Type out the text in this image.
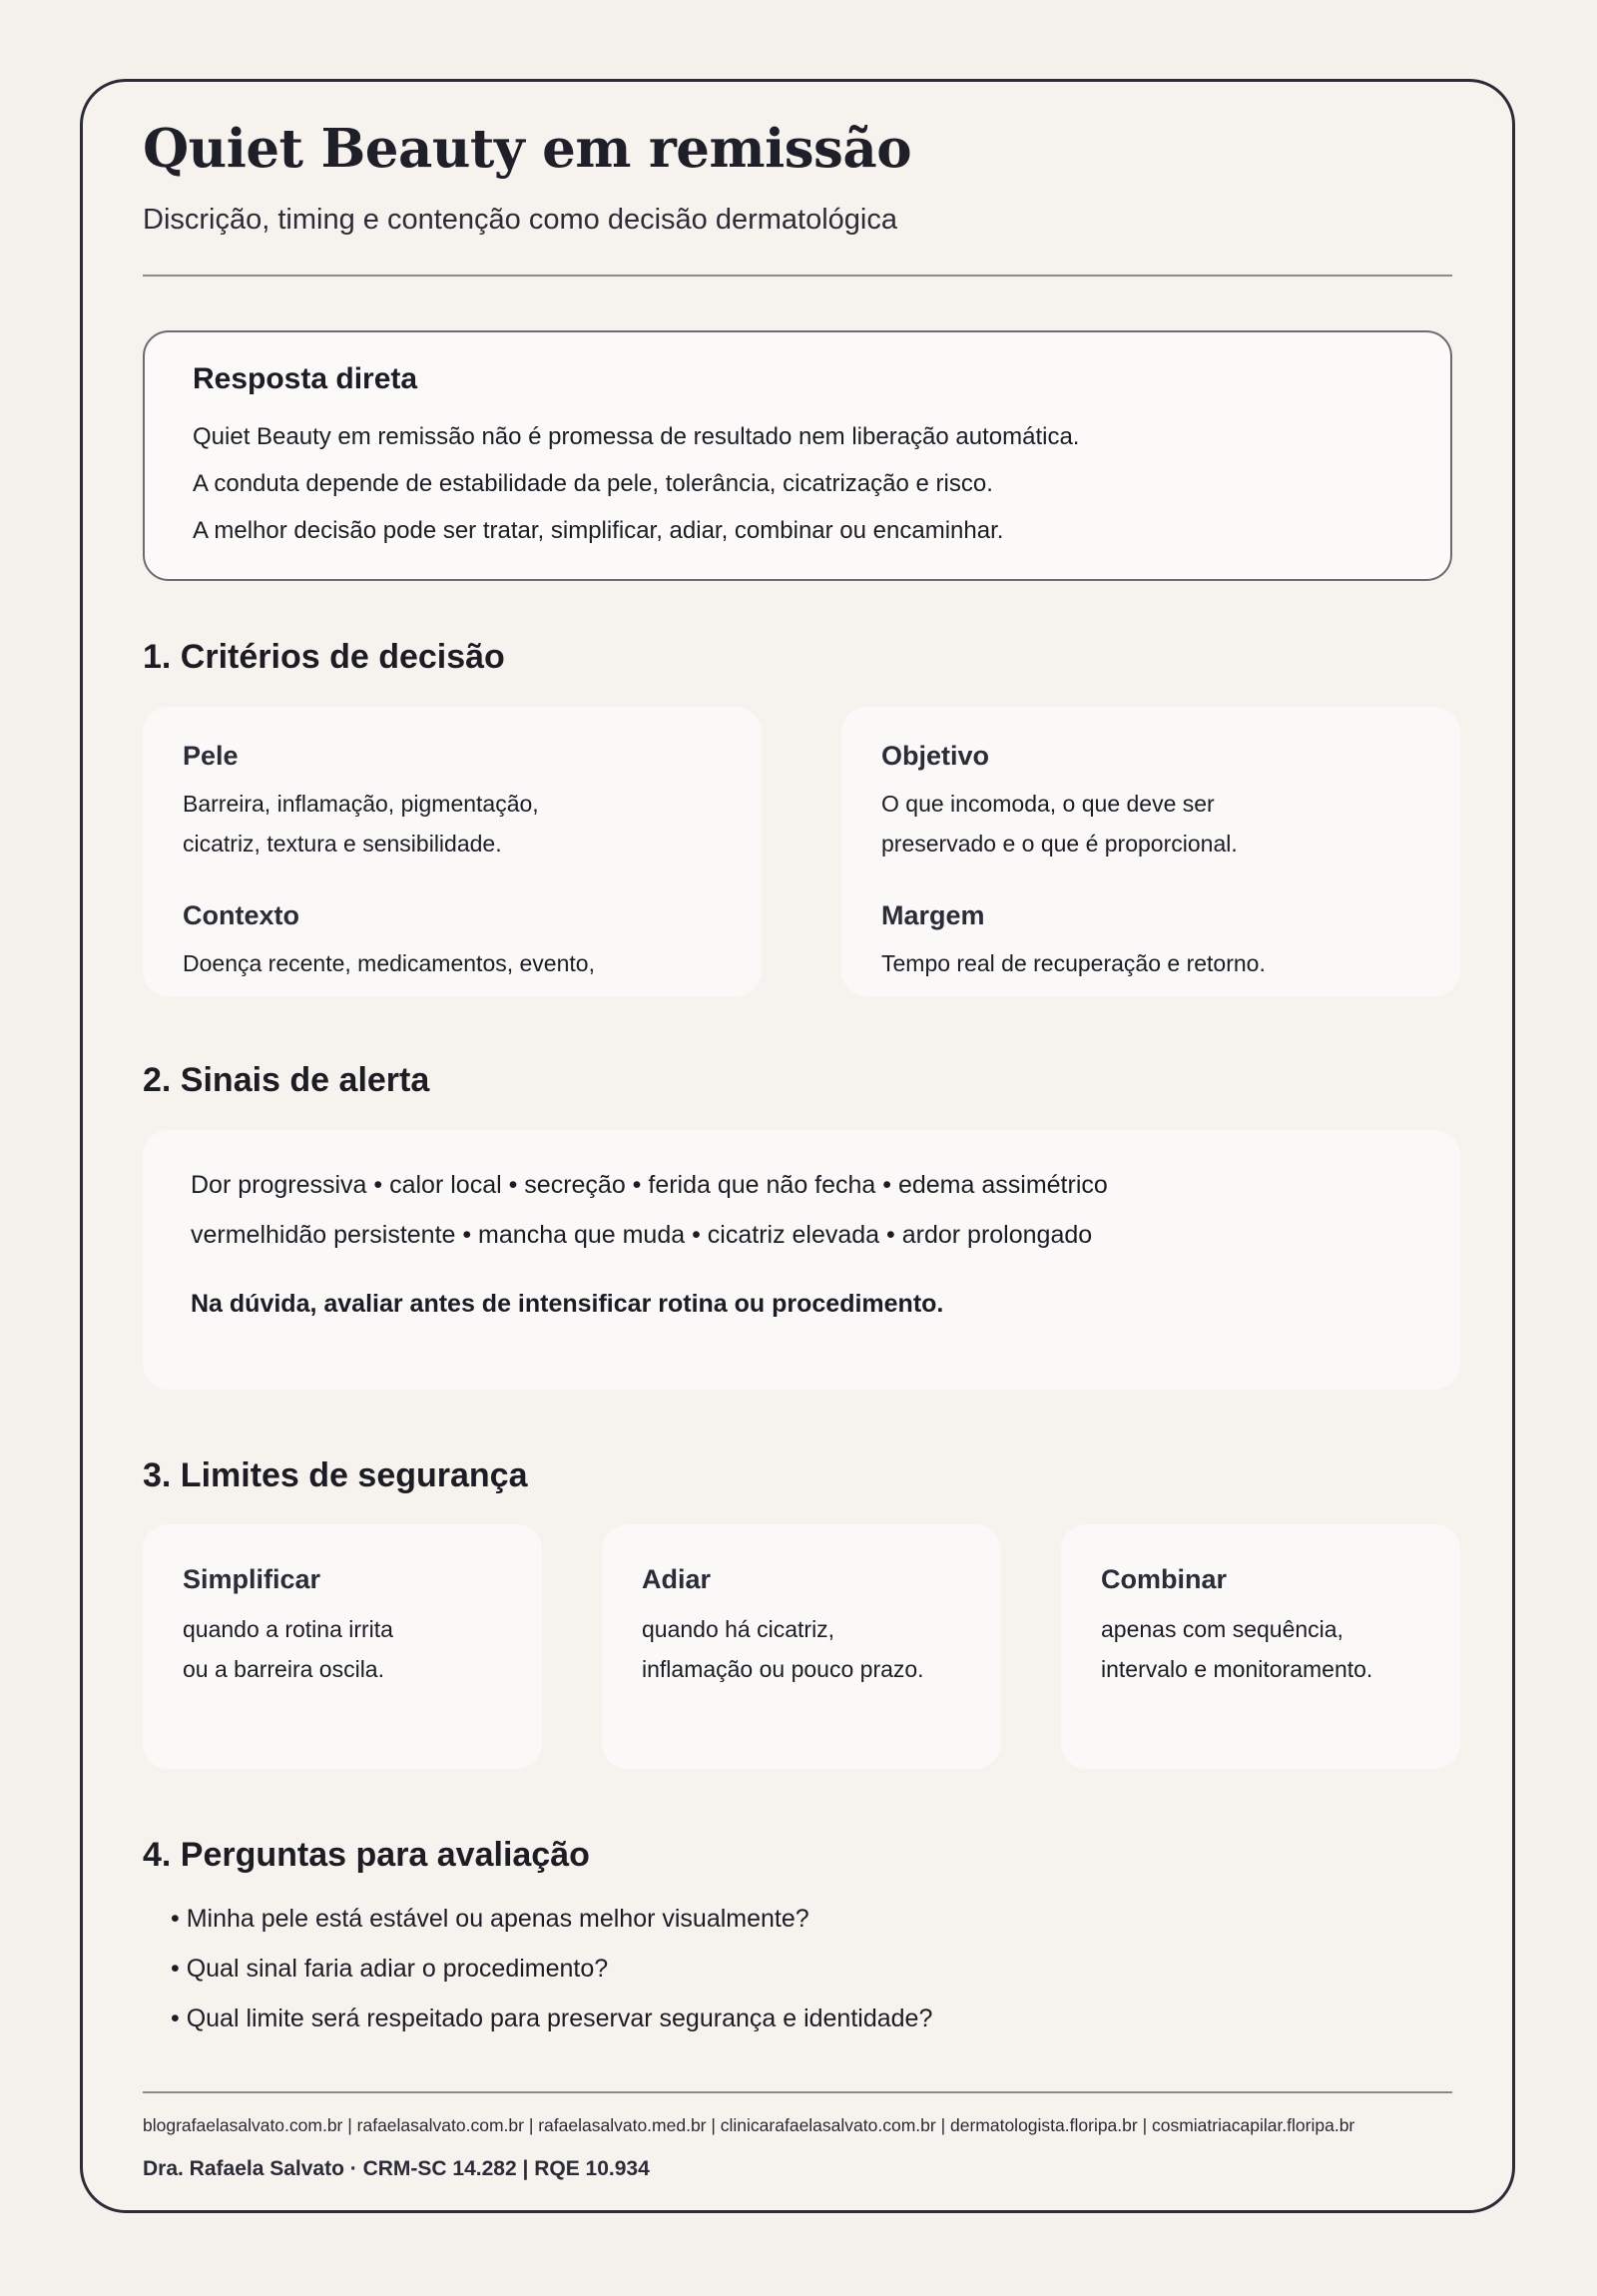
Quiet Beauty em remissão
Discrição, timing e contenção como decisão dermatológica
Resposta direta
Quiet Beauty em remissão não é promessa de resultado nem liberação automática.
A conduta depende de estabilidade da pele, tolerância, cicatrização e risco.
A melhor decisão pode ser tratar, simplificar, adiar, combinar ou encaminhar.
1. Critérios de decisão
Pele
Barreira, inflamação, pigmentação,
cicatriz, textura e sensibilidade.
Contexto
Doença recente, medicamentos, evento,
Objetivo
O que incomoda, o que deve ser
preservado e o que é proporcional.
Margem
Tempo real de recuperação e retorno.
2. Sinais de alerta
Dor progressiva • calor local • secreção • ferida que não fecha • edema assimétrico
vermelhidão persistente • mancha que muda • cicatriz elevada • ardor prolongado
Na dúvida, avaliar antes de intensificar rotina ou procedimento.
3. Limites de segurança
Simplificar
quando a rotina irrita
ou a barreira oscila.
Adiar
quando há cicatriz,
inflamação ou pouco prazo.
Combinar
apenas com sequência,
intervalo e monitoramento.
4. Perguntas para avaliação
• Minha pele está estável ou apenas melhor visualmente?
• Qual sinal faria adiar o procedimento?
• Qual limite será respeitado para preservar segurança e identidade?
blografaelasalvato.com.br | rafaelasalvato.com.br | rafaelasalvato.med.br | clinicarafaelasalvato.com.br | dermatologista.floripa.br | cosmiatriacapilar.floripa.br
Dra. Rafaela Salvato · CRM-SC 14.282 | RQE 10.934
